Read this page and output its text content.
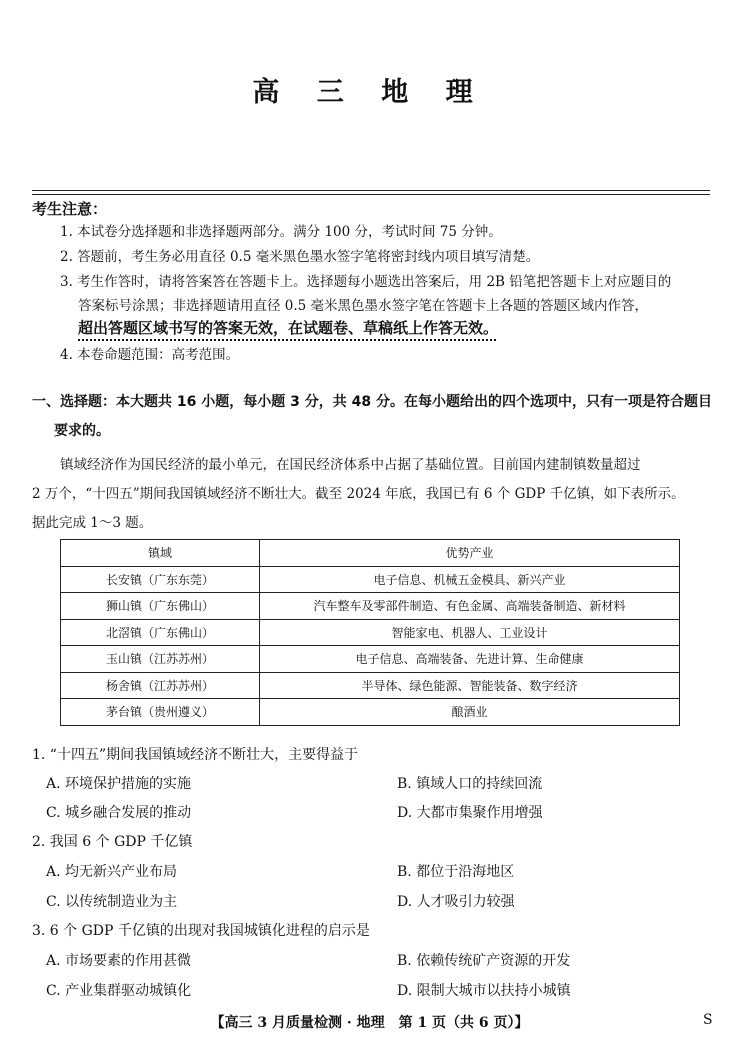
高 三 地 理
考生注意：
1. 本试卷分选择题和非选择题两部分。满分 100 分，考试时间 75 分钟。
2. 答题前，考生务必用直径 0.5 毫米黑色墨水签字笔将密封线内项目填写清楚。
3. 考生作答时，请将答案答在答题卡上。选择题每小题选出答案后，用 2B 铅笔把答题卡上对应题目的
答案标号涂黑；非选择题请用直径 0.5 毫米黑色墨水签字笔在答题卡上各题的答题区域内作答，
超出答题区域书写的答案无效，在试题卷、草稿纸上作答无效。
4. 本卷命题范围：高考范围。
一、选择题：本大题共 16 小题，每小题 3 分，共 48 分。在每小题给出的四个选项中，只有一项是符合题目
要求的。
镇域经济作为国民经济的最小单元，在国民经济体系中占据了基础位置。目前国内建制镇数量超过
2 万个，“十四五”期间我国镇域经济不断壮大。截至 2024 年底，我国已有 6 个 GDP 千亿镇，如下表所示。
据此完成 1～3 题。
镇域	优势产业
长安镇（广东东莞）	电子信息、机械五金模具、新兴产业
狮山镇（广东佛山）	汽车整车及零部件制造、有色金属、高端装备制造、新材料
北滘镇（广东佛山）	智能家电、机器人、工业设计
玉山镇（江苏苏州）	电子信息、高端装备、先进计算、生命健康
杨舍镇（江苏苏州）	半导体、绿色能源、智能装备、数字经济
茅台镇（贵州遵义）	酿酒业
1. “十四五”期间我国镇域经济不断壮大，主要得益于
A. 环境保护措施的实施	B. 镇域人口的持续回流
C. 城乡融合发展的推动	D. 大都市集聚作用增强
2. 我国 6 个 GDP 千亿镇
A. 均无新兴产业布局	B. 都位于沿海地区
C. 以传统制造业为主	D. 人才吸引力较强
3. 6 个 GDP 千亿镇的出现对我国城镇化进程的启示是
A. 市场要素的作用甚微	B. 依赖传统矿产资源的开发
C. 产业集群驱动城镇化	D. 限制大城市以扶持小城镇
【高三 3 月质量检测 · 地理　第 1 页（共 6 页）】	S
